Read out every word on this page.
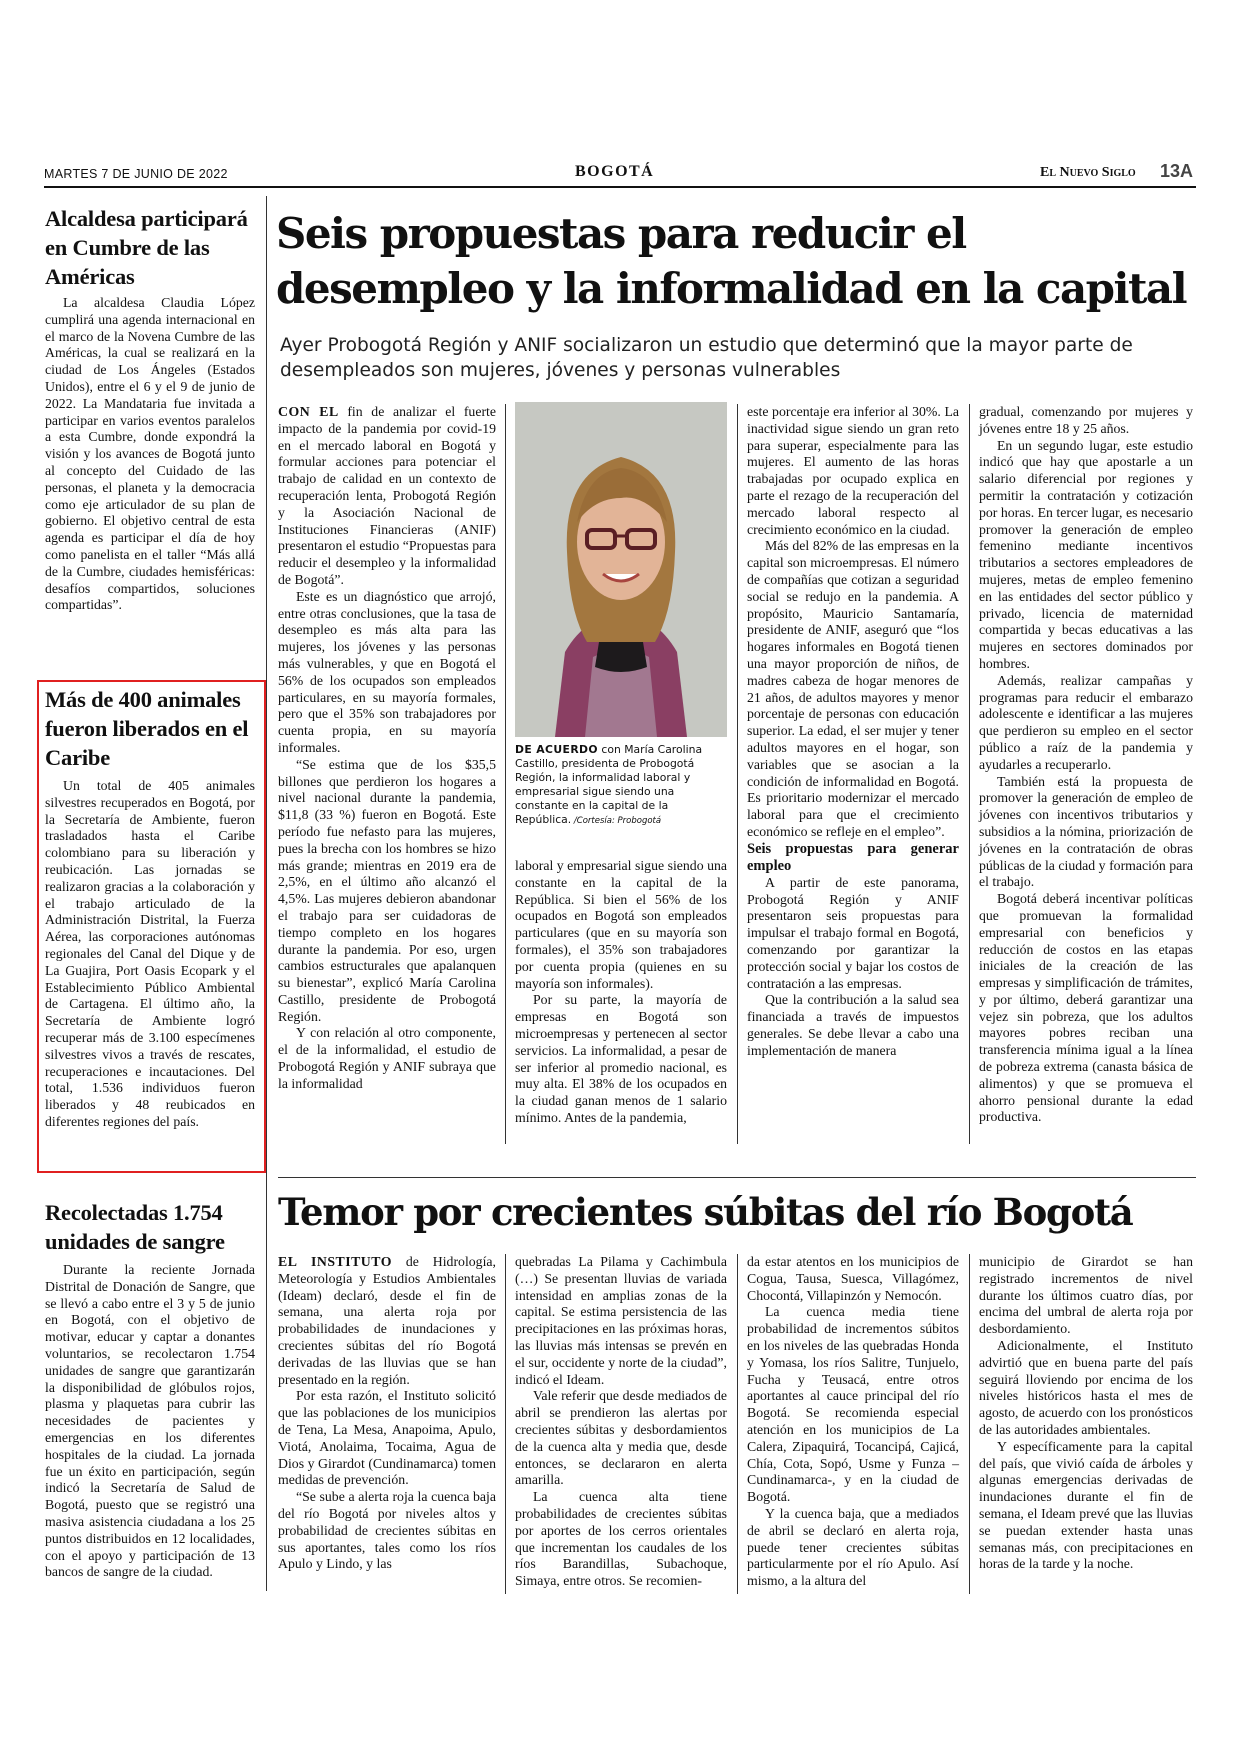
MARTES 7 DE JUNIO DE 2022	BOGOTÁ	El Nuevo Siglo 13A
Alcaldesa participará en Cumbre de las Américas

La alcaldesa Claudia López cumplirá una agenda internacional en el marco de la Novena Cumbre de las Américas, la cual se realizará en la ciudad de Los Ángeles (Estados Unidos), entre el 6 y el 9 de junio de 2022. La Mandataria fue invitada a participar en varios eventos paralelos a esta Cumbre, donde expondrá la visión y los avances de Bogotá junto al concepto del Cuidado de las personas, el planeta y la democracia como eje articulador de su plan de gobierno. El objetivo central de esta agenda es participar el día de hoy como panelista en el taller “Más allá de la Cumbre, ciudades hemisféricas: desafíos compartidos, soluciones compartidas”.

Más de 400 animales fueron liberados en el Caribe

Un total de 405 animales silvestres recuperados en Bogotá, por la Secretaría de Ambiente, fueron trasladados hasta el Caribe colombiano para su liberación y reubicación. Las jornadas se realizaron gracias a la colaboración y el trabajo articulado de la Administración Distrital, la Fuerza Aérea, las corporaciones autónomas regionales del Canal del Dique y de La Guajira, Port Oasis Ecopark y el Establecimiento Público Ambiental de Cartagena. El último año, la Secretaría de Ambiente logró recuperar más de 3.100 especímenes silvestres vivos a través de rescates, recuperaciones e incautaciones. Del total, 1.536 individuos fueron liberados y 48 reubicados en diferentes regiones del país.

Recolectadas 1.754 unidades de sangre

Durante la reciente Jornada Distrital de Donación de Sangre, que se llevó a cabo entre el 3 y 5 de junio en Bogotá, con el objetivo de motivar, educar y captar a donantes voluntarios, se recolectaron 1.754 unidades de sangre que garantizarán la disponibilidad de glóbulos rojos, plasma y plaquetas para cubrir las necesidades de pacientes y emergencias en los diferentes hospitales de la ciudad. La jornada fue un éxito en participación, según indicó la Secretaría de Salud de Bogotá, puesto que se registró una masiva asistencia ciudadana a los 25 puntos distribuidos en 12 localidades, con el apoyo y participación de 13 bancos de sangre de la ciudad.

Seis propuestas para reducir el desempleo y la informalidad en la capital
Ayer Probogotá Región y ANIF socializaron un estudio que determinó que la mayor parte de desempleados son mujeres, jóvenes y personas vulnerables

CON EL fin de analizar el fuerte impacto de la pandemia por covid-19 en el mercado laboral en Bogotá y formular acciones para potenciar el trabajo de calidad en un contexto de recuperación lenta, Probogotá Región y la Asociación Nacional de Instituciones Financieras (ANIF) presentaron el estudio “Propuestas para reducir el desempleo y la informalidad de Bogotá”.

Este es un diagnóstico que arrojó, entre otras conclusiones, que la tasa de desempleo es más alta para las mujeres, los jóvenes y las personas más vulnerables, y que en Bogotá el 56% de los ocupados son empleados particulares, en su mayoría formales, pero que el 35% son trabajadores por cuenta propia, en su mayoría informales.

“Se estima que de los $35,5 billones que perdieron los hogares a nivel nacional durante la pandemia, $11,8 (33 %) fueron en Bogotá. Este período fue nefasto para las mujeres, pues la brecha con los hombres se hizo más grande; mientras en 2019 era de 2,5%, en el último año alcanzó el 4,5%. Las mujeres debieron abandonar el trabajo para ser cuidadoras de tiempo completo en los hogares durante la pandemia. Por eso, urgen cambios estructurales que apalanquen su bienestar”, explicó María Carolina Castillo, presidente de Probogotá Región.

Y con relación al otro componente, el de la informalidad, el estudio de Probogotá Región y ANIF subraya que la informalidad

DE ACUERDO con María Carolina Castillo, presidenta de Probogotá Región, la informalidad laboral y empresarial sigue siendo una constante en la capital de la República. /Cortesía: Probogotá

laboral y empresarial sigue siendo una constante en la capital de la República. Si bien el 56% de los ocupados en Bogotá son empleados particulares (que en su mayoría son formales), el 35% son trabajadores por cuenta propia (quienes en su mayoría son informales).

Por su parte, la mayoría de empresas en Bogotá son microempresas y pertenecen al sector servicios. La informalidad, a pesar de ser inferior al promedio nacional, es muy alta. El 38% de los ocupados en la ciudad ganan menos de 1 salario mínimo. Antes de la pandemia,

este porcentaje era inferior al 30%. La inactividad sigue siendo un gran reto para superar, especialmente para las mujeres. El aumento de las horas trabajadas por ocupado explica en parte el rezago de la recuperación del mercado laboral respecto al crecimiento económico en la ciudad.

Más del 82% de las empresas en la capital son microempresas. El número de compañías que cotizan a seguridad social se redujo en la pandemia. A propósito, Mauricio Santamaría, presidente de ANIF, aseguró que “los hogares informales en Bogotá tienen una mayor proporción de niños, de madres cabeza de hogar menores de 21 años, de adultos mayores y menor porcentaje de personas con educación superior. La edad, el ser mujer y tener adultos mayores en el hogar, son variables que se asocian a la condición de informalidad en Bogotá. Es prioritario modernizar el mercado laboral para que el crecimiento económico se refleje en el empleo”.

Seis propuestas para generar empleo

A partir de este panorama, Probogotá Región y ANIF presentaron seis propuestas para impulsar el trabajo formal en Bogotá, comenzando por garantizar la protección social y bajar los costos de contratación a las empresas.

Que la contribución a la salud sea financiada a través de impuestos generales. Se debe llevar a cabo una implementación de manera

gradual, comenzando por mujeres y jóvenes entre 18 y 25 años.

En un segundo lugar, este estudio indicó que hay que apostarle a un salario diferencial por regiones y permitir la contratación y cotización por horas. En tercer lugar, es necesario promover la generación de empleo femenino mediante incentivos tributarios a sectores empleadores de mujeres, metas de empleo femenino en las entidades del sector público y privado, licencia de maternidad compartida y becas educativas a las mujeres en sectores dominados por hombres.

Además, realizar campañas y programas para reducir el embarazo adolescente e identificar a las mujeres que perdieron su empleo en el sector público a raíz de la pandemia y ayudarles a recuperarlo.

También está la propuesta de promover la generación de empleo de jóvenes con incentivos tributarios y subsidios a la nómina, priorización de jóvenes en la contratación de obras públicas de la ciudad y formación para el trabajo.

Bogotá deberá incentivar políticas que promuevan la formalidad empresarial con beneficios y reducción de costos en las etapas iniciales de la creación de las empresas y simplificación de trámites, y por último, deberá garantizar una vejez sin pobreza, que los adultos mayores pobres reciban una transferencia mínima igual a la línea de pobreza extrema (canasta básica de alimentos) y que se promueva el ahorro pensional durante la edad productiva.

Temor por crecientes súbitas del río Bogotá

EL INSTITUTO de Hidrología, Meteorología y Estudios Ambientales (Ideam) declaró, desde el fin de semana, una alerta roja por probabilidades de inundaciones y crecientes súbitas del río Bogotá derivadas de las lluvias que se han presentado en la región.

Por esta razón, el Instituto solicitó que las poblaciones de los municipios de Tena, La Mesa, Anapoima, Apulo, Viotá, Anolaima, Tocaima, Agua de Dios y Girardot (Cundinamarca) tomen medidas de prevención.

“Se sube a alerta roja la cuenca baja del río Bogotá por niveles altos y probabilidad de crecientes súbitas en sus aportantes, tales como los ríos Apulo y Lindo, y las

quebradas La Pilama y Cachimbula (…) Se presentan lluvias de variada intensidad en amplias zonas de la capital. Se estima persistencia de las precipitaciones en las próximas horas, las lluvias más intensas se prevén en el sur, occidente y norte de la ciudad”, indicó el Ideam.

Vale referir que desde mediados de abril se prendieron las alertas por crecientes súbitas y desbordamientos de la cuenca alta y media que, desde entonces, se declararon en alerta amarilla.

La cuenca alta tiene probabilidades de crecientes súbitas por aportes de los cerros orientales que incrementan los caudales de los ríos Barandillas, Subachoque, Simaya, entre otros. Se recomien-

da estar atentos en los municipios de Cogua, Tausa, Suesca, Villagómez, Chocontá, Villapinzón y Nemocón.

La cuenca media tiene probabilidad de incrementos súbitos en los niveles de las quebradas Honda y Yomasa, los ríos Salitre, Tunjuelo, Fucha y Teusacá, entre otros aportantes al cauce principal del río Bogotá. Se recomienda especial atención en los municipios de La Calera, Zipaquirá, Tocancipá, Cajicá, Chía, Cota, Sopó, Usme y Funza –Cundinamarca-, y en la ciudad de Bogotá.

Y la cuenca baja, que a mediados de abril se declaró en alerta roja, puede tener crecientes súbitas particularmente por el río Apulo. Así mismo, a la altura del

municipio de Girardot se han registrado incrementos de nivel durante los últimos cuatro días, por encima del umbral de alerta roja por desbordamiento.

Adicionalmente, el Instituto advirtió que en buena parte del país seguirá lloviendo por encima de los niveles históricos hasta el mes de agosto, de acuerdo con los pronósticos de las autoridades ambientales.

Y específicamente para la capital del país, que vivió caída de árboles y algunas emergencias derivadas de inundaciones durante el fin de semana, el Ideam prevé que las lluvias se puedan extender hasta unas semanas más, con precipitaciones en horas de la tarde y la noche.
